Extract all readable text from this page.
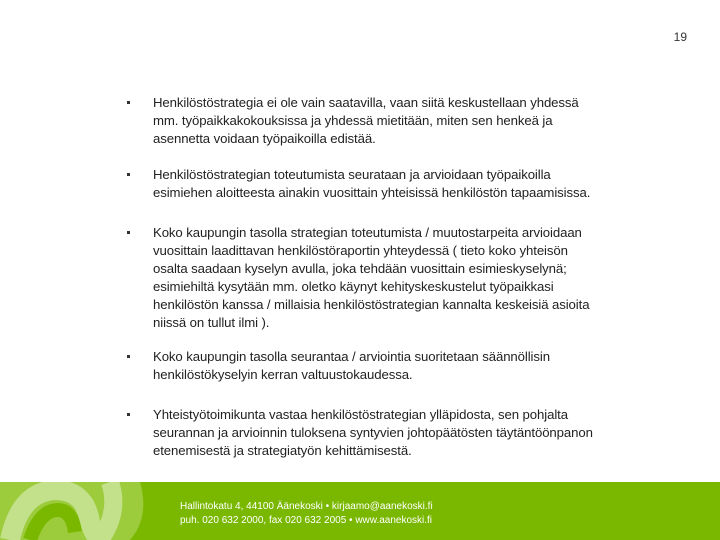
19
Henkilöstöstrategia ei ole vain saatavilla, vaan siitä keskustellaan yhdessä
mm. työpaikkakokouksissa ja yhdessä mietitään, miten sen henkeä ja
asennetta voidaan työpaikoilla edistää.
Henkilöstöstrategian toteutumista seurataan ja arvioidaan työpaikoilla
esimiehen aloitteesta ainakin vuosittain yhteisissä henkilöstön tapaamisissa.
Koko kaupungin tasolla strategian toteutumista / muutostarpeita arvioidaan
vuosittain laadittavan henkilöstöraportin yhteydessä ( tieto koko yhteisön
osalta saadaan kyselyn avulla, joka tehdään vuosittain esimieskyselynä;
esimiehiltä kysytään mm. oletko käynyt kehityskeskustelut työpaikkasi
henkilöstön kanssa / millaisia henkilöstöstrategian kannalta keskeisiä asioita
niissä on tullut ilmi ).
Koko kaupungin tasolla seurantaa / arviointia suoritetaan säännöllisin
henkilöstökyselyin kerran valtuustokaudessa.
Yhteistyötoimikunta vastaa henkilöstöstrategian ylläpidosta, sen pohjalta
seurannan ja arvioinnin tuloksena syntyvien johtopäätösten täytäntöönpanon
etenemisestä ja strategiatyön kehittämisestä.
Hallintokatu 4, 44100 Äänekoski • kirjaamo@aanekoski.fi
puh. 020 632 2000, fax 020 632 2005 • www.aanekoski.fi
